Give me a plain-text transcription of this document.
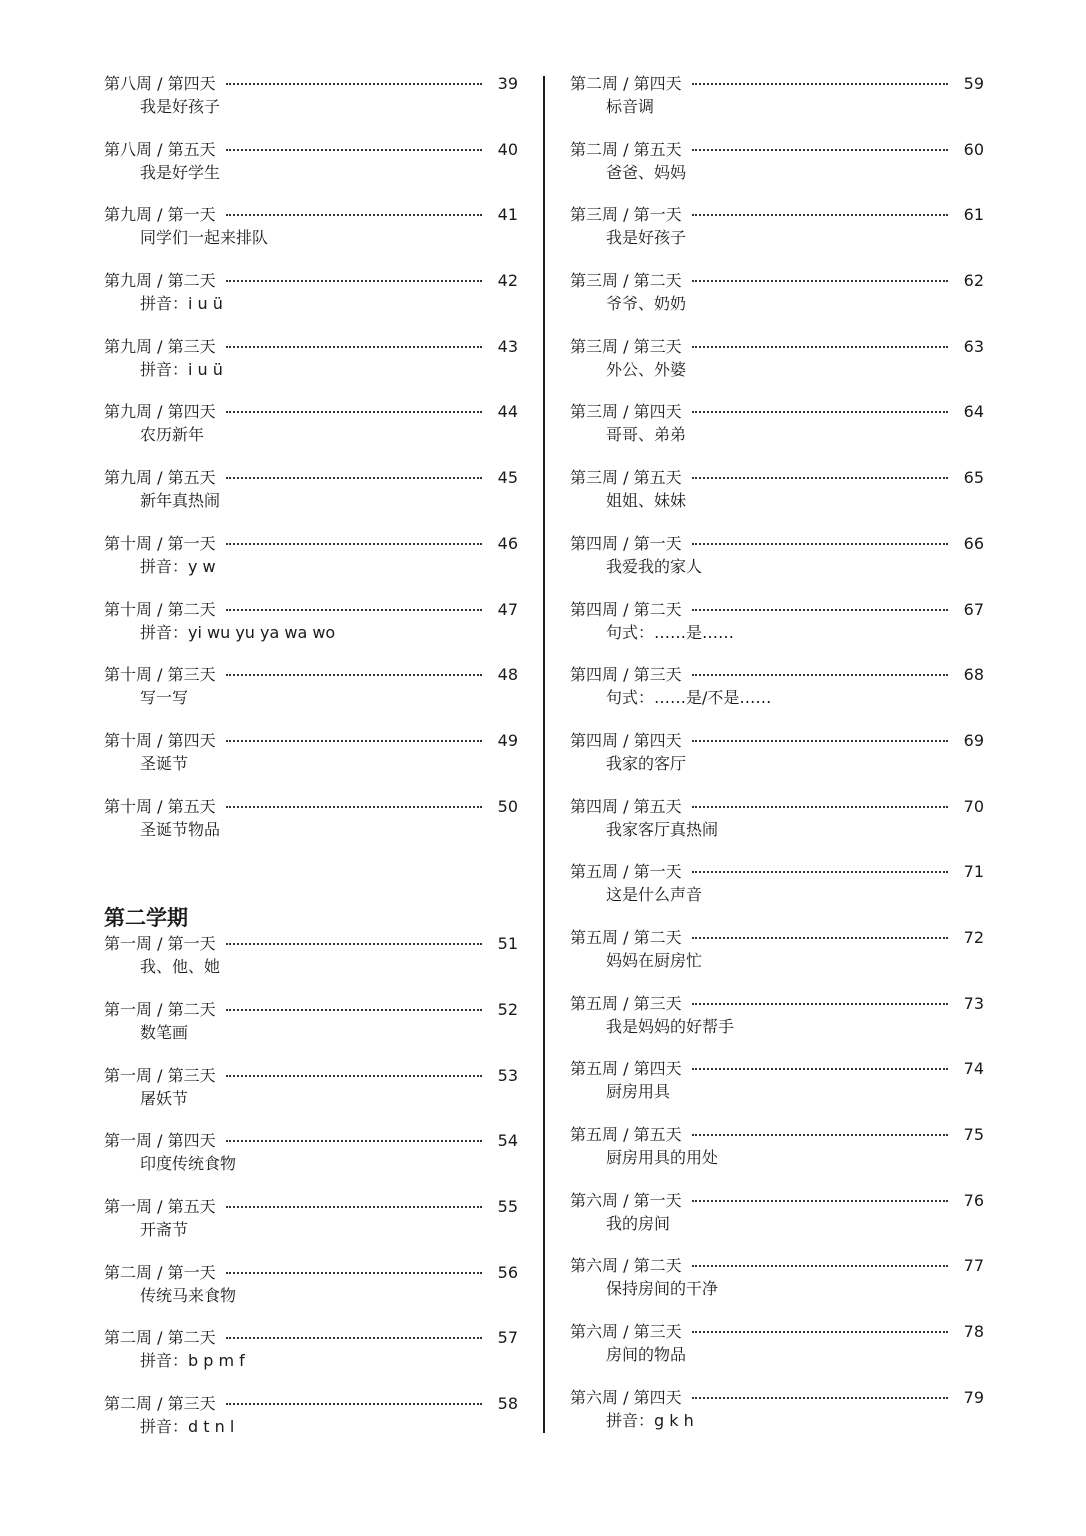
第八周 / 第四天	39
我是好孩子
第八周 / 第五天	40
我是好学生
第九周 / 第一天	41
同学们一起来排队
第九周 / 第二天	42
拼音：i u ü
第九周 / 第三天	43
拼音：i u ü
第九周 / 第四天	44
农历新年
第九周 / 第五天	45
新年真热闹
第十周 / 第一天	46
拼音：y w
第十周 / 第二天	47
拼音：yi wu yu ya wa wo
第十周 / 第三天	48
写一写
第十周 / 第四天	49
圣诞节
第十周 / 第五天	50
圣诞节物品
第二学期
第一周 / 第一天	51
我、他、她
第一周 / 第二天	52
数笔画
第一周 / 第三天	53
屠妖节
第一周 / 第四天	54
印度传统食物
第一周 / 第五天	55
开斋节
第二周 / 第一天	56
传统马来食物
第二周 / 第二天	57
拼音：b p m f
第二周 / 第三天	58
拼音：d t n l
第二周 / 第四天	59
标音调
第二周 / 第五天	60
爸爸、妈妈
第三周 / 第一天	61
我是好孩子
第三周 / 第二天	62
爷爷、奶奶
第三周 / 第三天	63
外公、外婆
第三周 / 第四天	64
哥哥、弟弟
第三周 / 第五天	65
姐姐、妹妹
第四周 / 第一天	66
我爱我的家人
第四周 / 第二天	67
句式：……是……
第四周 / 第三天	68
句式：……是/不是……
第四周 / 第四天	69
我家的客厅
第四周 / 第五天	70
我家客厅真热闹
第五周 / 第一天	71
这是什么声音
第五周 / 第二天	72
妈妈在厨房忙
第五周 / 第三天	73
我是妈妈的好帮手
第五周 / 第四天	74
厨房用具
第五周 / 第五天	75
厨房用具的用处
第六周 / 第一天	76
我的房间
第六周 / 第二天	77
保持房间的干净
第六周 / 第三天	78
房间的物品
第六周 / 第四天	79
拼音：g k h
